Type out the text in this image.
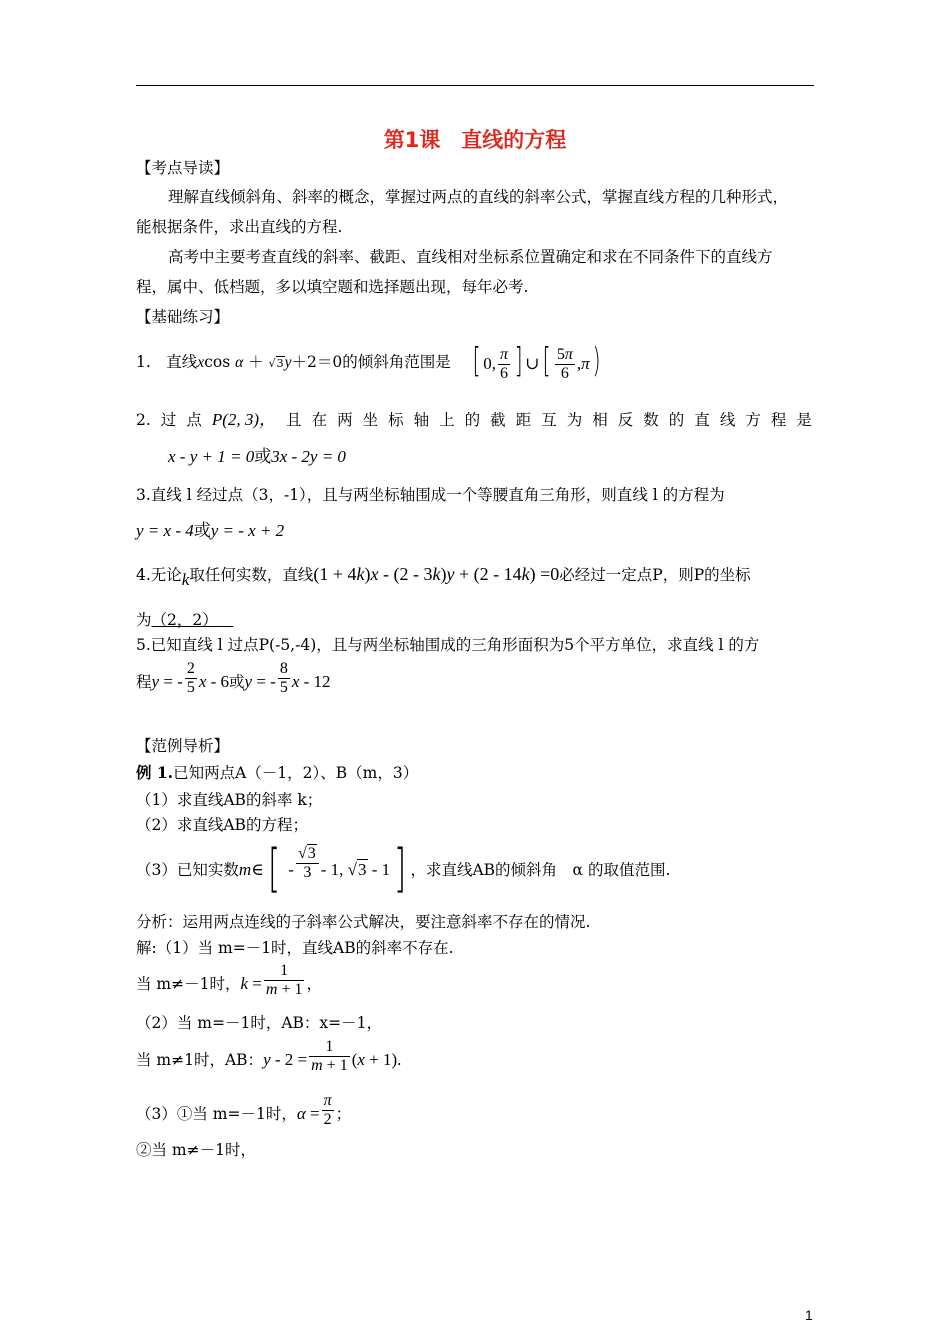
第1课　直线的方程
【考点导读】
理解直线倾斜角、斜率的概念，掌握过两点的直线的斜率公式，掌握直线方程的几种形式，
能根据条件，求出直线的方程.
高考中主要考查直线的斜率、截距、直线相对坐标系位置确定和求在不同条件下的直线方
程，属中、低档题，多以填空题和选择题出现，每年必考.
【基础练习】
1.　直线xcos α ＋ √3y＋2＝0的倾斜角范围是 [ 0, $\frac{\pi}{6}$ ] ∪[ $\frac{5\pi}{6} ,\pi$)
2. 过 点 P(2, 3)， 且 在 两 坐 标 轴 上 的 截 距 互 为 相 反 数 的 直 线 方 程 是
x - y + 1 = 0或3x - 2y = 0
3.直线 l 经过点（3，-1），且与两坐标轴围成一个等腰直角三角形，则直线 l 的方程为
y = x - 4或y = - x + 2
4.无论k取任何实数，直线(1 + 4k)x - (2 - 3k)y + (2 - 14k) =0必经过一定点P，则P的坐标
为（2，2） 
5.已知直线 l 过点P(-5,-4)，且与两坐标轴围成的三角形面积为5个平方单位，求直线 l 的方
程y = - $\frac{2}{5}$ x - 6或y = - $\frac{8}{5}$ x - 12
【范例导析】
例 1.已知两点A（－1，2）、B（m，3）
（1）求直线AB的斜率 k；
（2）求直线AB的方程；
（3）已知实数m∈[ - $\frac{√3}{3} - 1$, √3 - 1] ，求直线AB的倾斜角　α 的取值范围.
分析：运用两点连线的子斜率公式解决，要注意斜率不存在的情况.
解:（1）当 m=－1时，直线AB的斜率不存在.
当 m≠－1时，$k = \frac{1}{m + 1}$ ，
（2）当 m=－1时，AB：x=－1，
当 m≠1时，AB：$y - 2 = \frac{1}{m + 1} (x + 1)$.
（3）①当 m=－1时，$\alpha = \frac{\pi}{2}$ ；
②当 m≠－1时，
1
